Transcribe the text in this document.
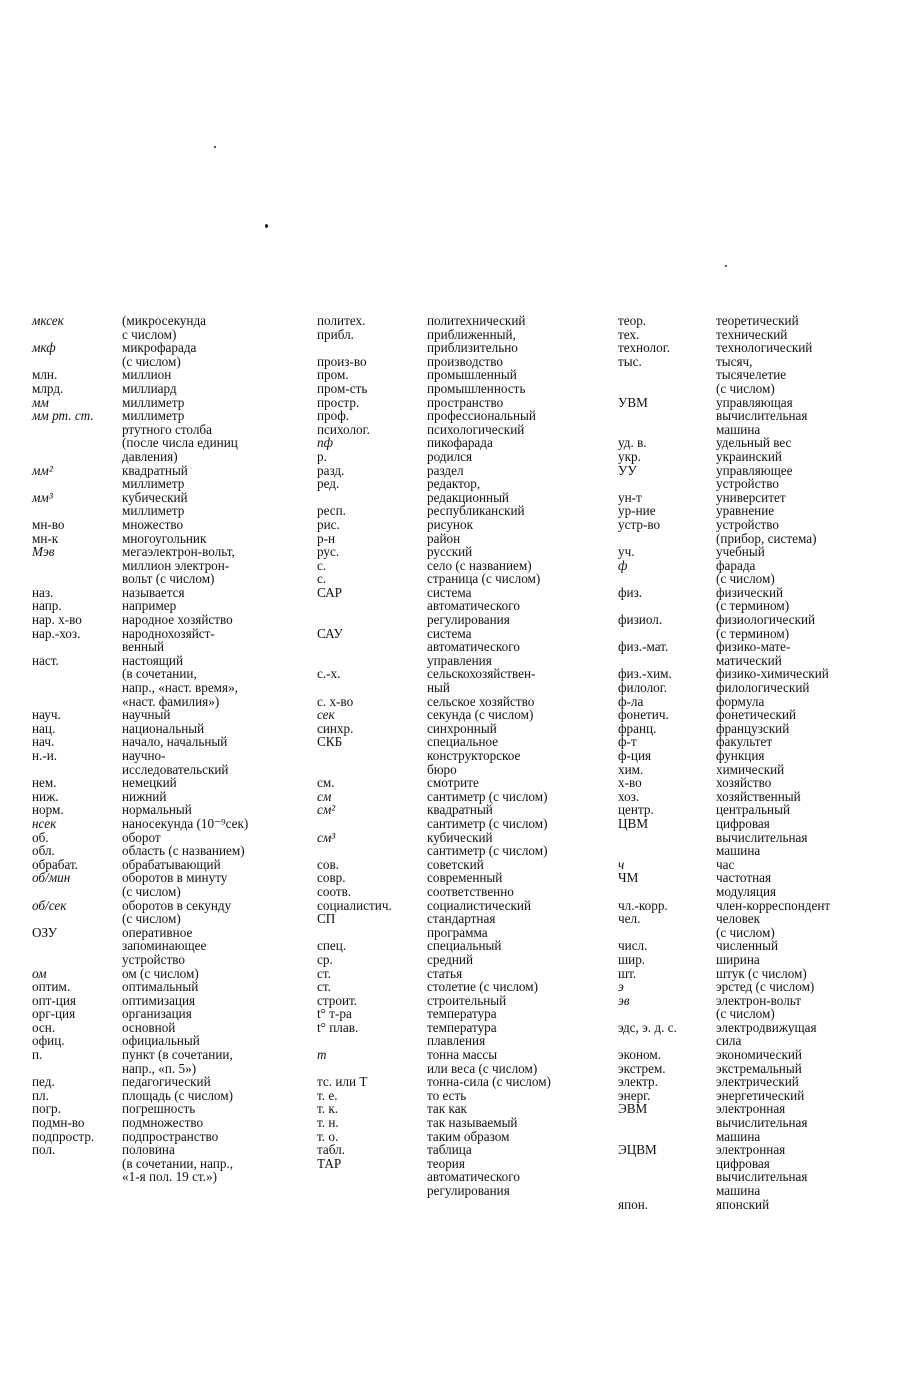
мксек	(микросекунда
с числом)
мкф	микрофарада
(с числом)
млн.	миллион
млрд.	миллиард
мм	миллиметр
мм рт. ст.	миллиметр
ртутного столба
(после числа единиц
давления)
мм²	квадратный
миллиметр
мм³	кубический
миллиметр
мн-во	множество
мн-к	многоугольник
Мэв	мегаэлектрон-вольт,
миллион электрон-
вольт (с числом)
наз.	называется
напр.	например
нар. х-во	народное хозяйство
нар.-хоз.	народнохозяйст-
венный
наст.	настоящий
(в сочетании,
напр., «наст. время»,
«наст. фамилия»)
науч.	научный
нац.	национальный
нач.	начало, начальный
н.-и.	научно-
исследовательский
нем.	немецкий
ниж.	нижний
норм.	нормальный
нсек	наносекунда (10⁻⁹сек)
об.	оборот
обл.	область (с названием)
обрабат.	обрабатывающий
об/мин	оборотов в минуту
(с числом)
об/сек	оборотов в секунду
(с числом)
ОЗУ	оперативное
запоминающее
устройство
ом	ом (с числом)
оптим.	оптимальный
опт-ция	оптимизация
орг-ция	организация
осн.	основной
офиц.	официальный
п.	пункт (в сочетании,
напр., «п. 5»)
пед.	педагогический
пл.	площадь (с числом)
погр.	погрешность
подмн-во	подмножество
подпростр.	подпространство
пол.	половина
(в сочетании, напр.,
«1-я пол. 19 ст.»)
политех.	политехнический
прибл.	приближенный,
приблизительно
произ-во	производство
пром.	промышленный
пром-сть	промышленность
простр.	пространство
проф.	профессиональный
психолог.	психологический
пф	пикофарада
р.	родился
разд.	раздел
ред.	редактор,
редакционный
респ.	республиканский
рис.	рисунок
р-н	район
рус.	русский
с.	село (с названием)
с.	страница (с числом)
САР	система
автоматического
регулирования
САУ	система
автоматического
управления
с.-х.	сельскохозяйствен-
ный
с. х-во	сельское хозяйство
сек	секунда (с числом)
синхр.	синхронный
СКБ	специальное
конструкторское
бюро
см.	смотрите
см	сантиметр (с числом)
см²	квадратный
сантиметр (с числом)
см³	кубический
сантиметр (с числом)
сов.	советский
совр.	современный
соотв.	соответственно
социалистич.	социалистический
СП	стандартная
программа
спец.	специальный
ср.	средний
ст.	статья
ст.	столетие (с числом)
строит.	строительный
t° т-ра	температура
t° плав.	температура
плавления
т	тонна массы
или веса (с числом)
тс. или T	тонна-сила (с числом)
т. е.	то есть
т. к.	так как
т. н.	так называемый
т. о.	таким образом
табл.	таблица
ТАР	теория
автоматического
регулирования
теор.	теоретический
тех.	технический
технолог.	технологический
тыс.	тысяч,
тысячелетие
(с числом)
УВМ	управляющая
вычислительная
машина
уд. в.	удельный вес
укр.	украинский
УУ	управляющее
устройство
ун-т	университет
ур-ние	уравнение
устр-во	устройство
(прибор, система)
уч.	учебный
ф	фарада
(с числом)
физ.	физический
(с термином)
физиол.	физиологический
(с термином)
физ.-мат.	физико-мате-
матический
физ.-хим.	физико-химический
филолог.	филологический
ф-ла	формула
фонетич.	фонетический
франц.	французский
ф-т	факультет
ф-ция	функция
хим.	химический
х-во	хозяйство
хоз.	хозяйственный
центр.	центральный
ЦВМ	цифровая
вычислительная
машина
ч	час
ЧМ	частотная
модуляция
чл.-корр.	член-корреспондент
чел.	человек
(с числом)
числ.	численный
шир.	ширина
шт.	штук (с числом)
э	эрстед (с числом)
эв	электрон-вольт
(с числом)
эдс, э. д. с.	электродвижущая
сила
эконом.	экономический
экстрем.	экстремальный
электр.	электрический
энерг.	энергетический
ЭВМ	электронная
вычислительная
машина
ЭЦВМ	электронная
цифровая
вычислительная
машина
япон.	японский
